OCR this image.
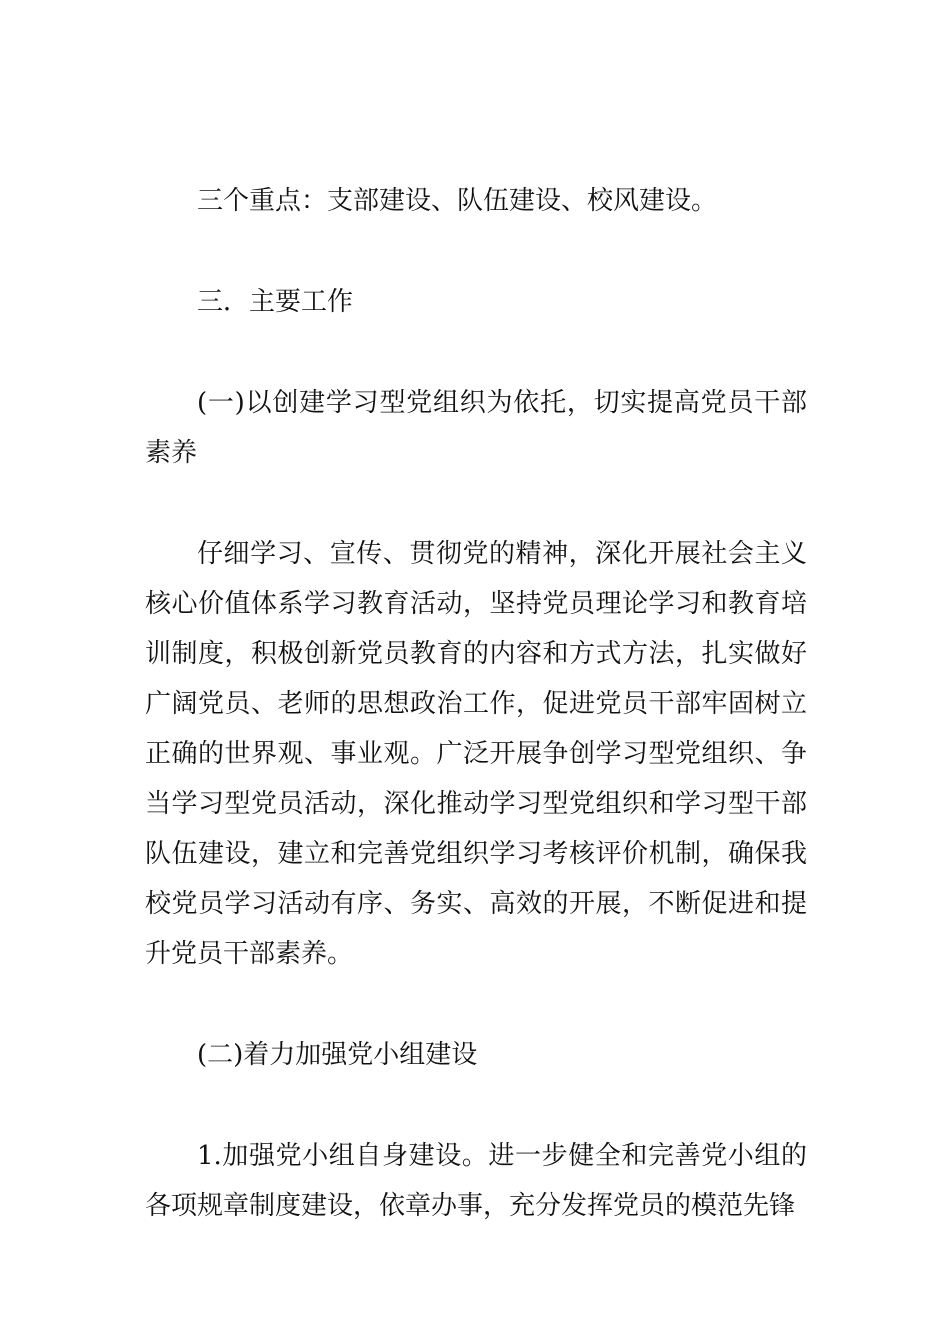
三个重点：支部建设、队伍建设、校风建设。

三．主要工作

(一)以创建学习型党组织为依托，切实提高党员干部素养

仔细学习、宣传、贯彻党的精神，深化开展社会主义核心价值体系学习教育活动，坚持党员理论学习和教育培训制度，积极创新党员教育的内容和方式方法，扎实做好广阔党员、老师的思想政治工作，促进党员干部牢固树立正确的世界观、事业观。广泛开展争创学习型党组织、争当学习型党员活动，深化推动学习型党组织和学习型干部队伍建设，建立和完善党组织学习考核评价机制，确保我校党员学习活动有序、务实、高效的开展，不断促进和提升党员干部素养。

(二)着力加强党小组建设

1.加强党小组自身建设。进一步健全和完善党小组的各项规章制度建设，依章办事，充分发挥党员的模范先锋
